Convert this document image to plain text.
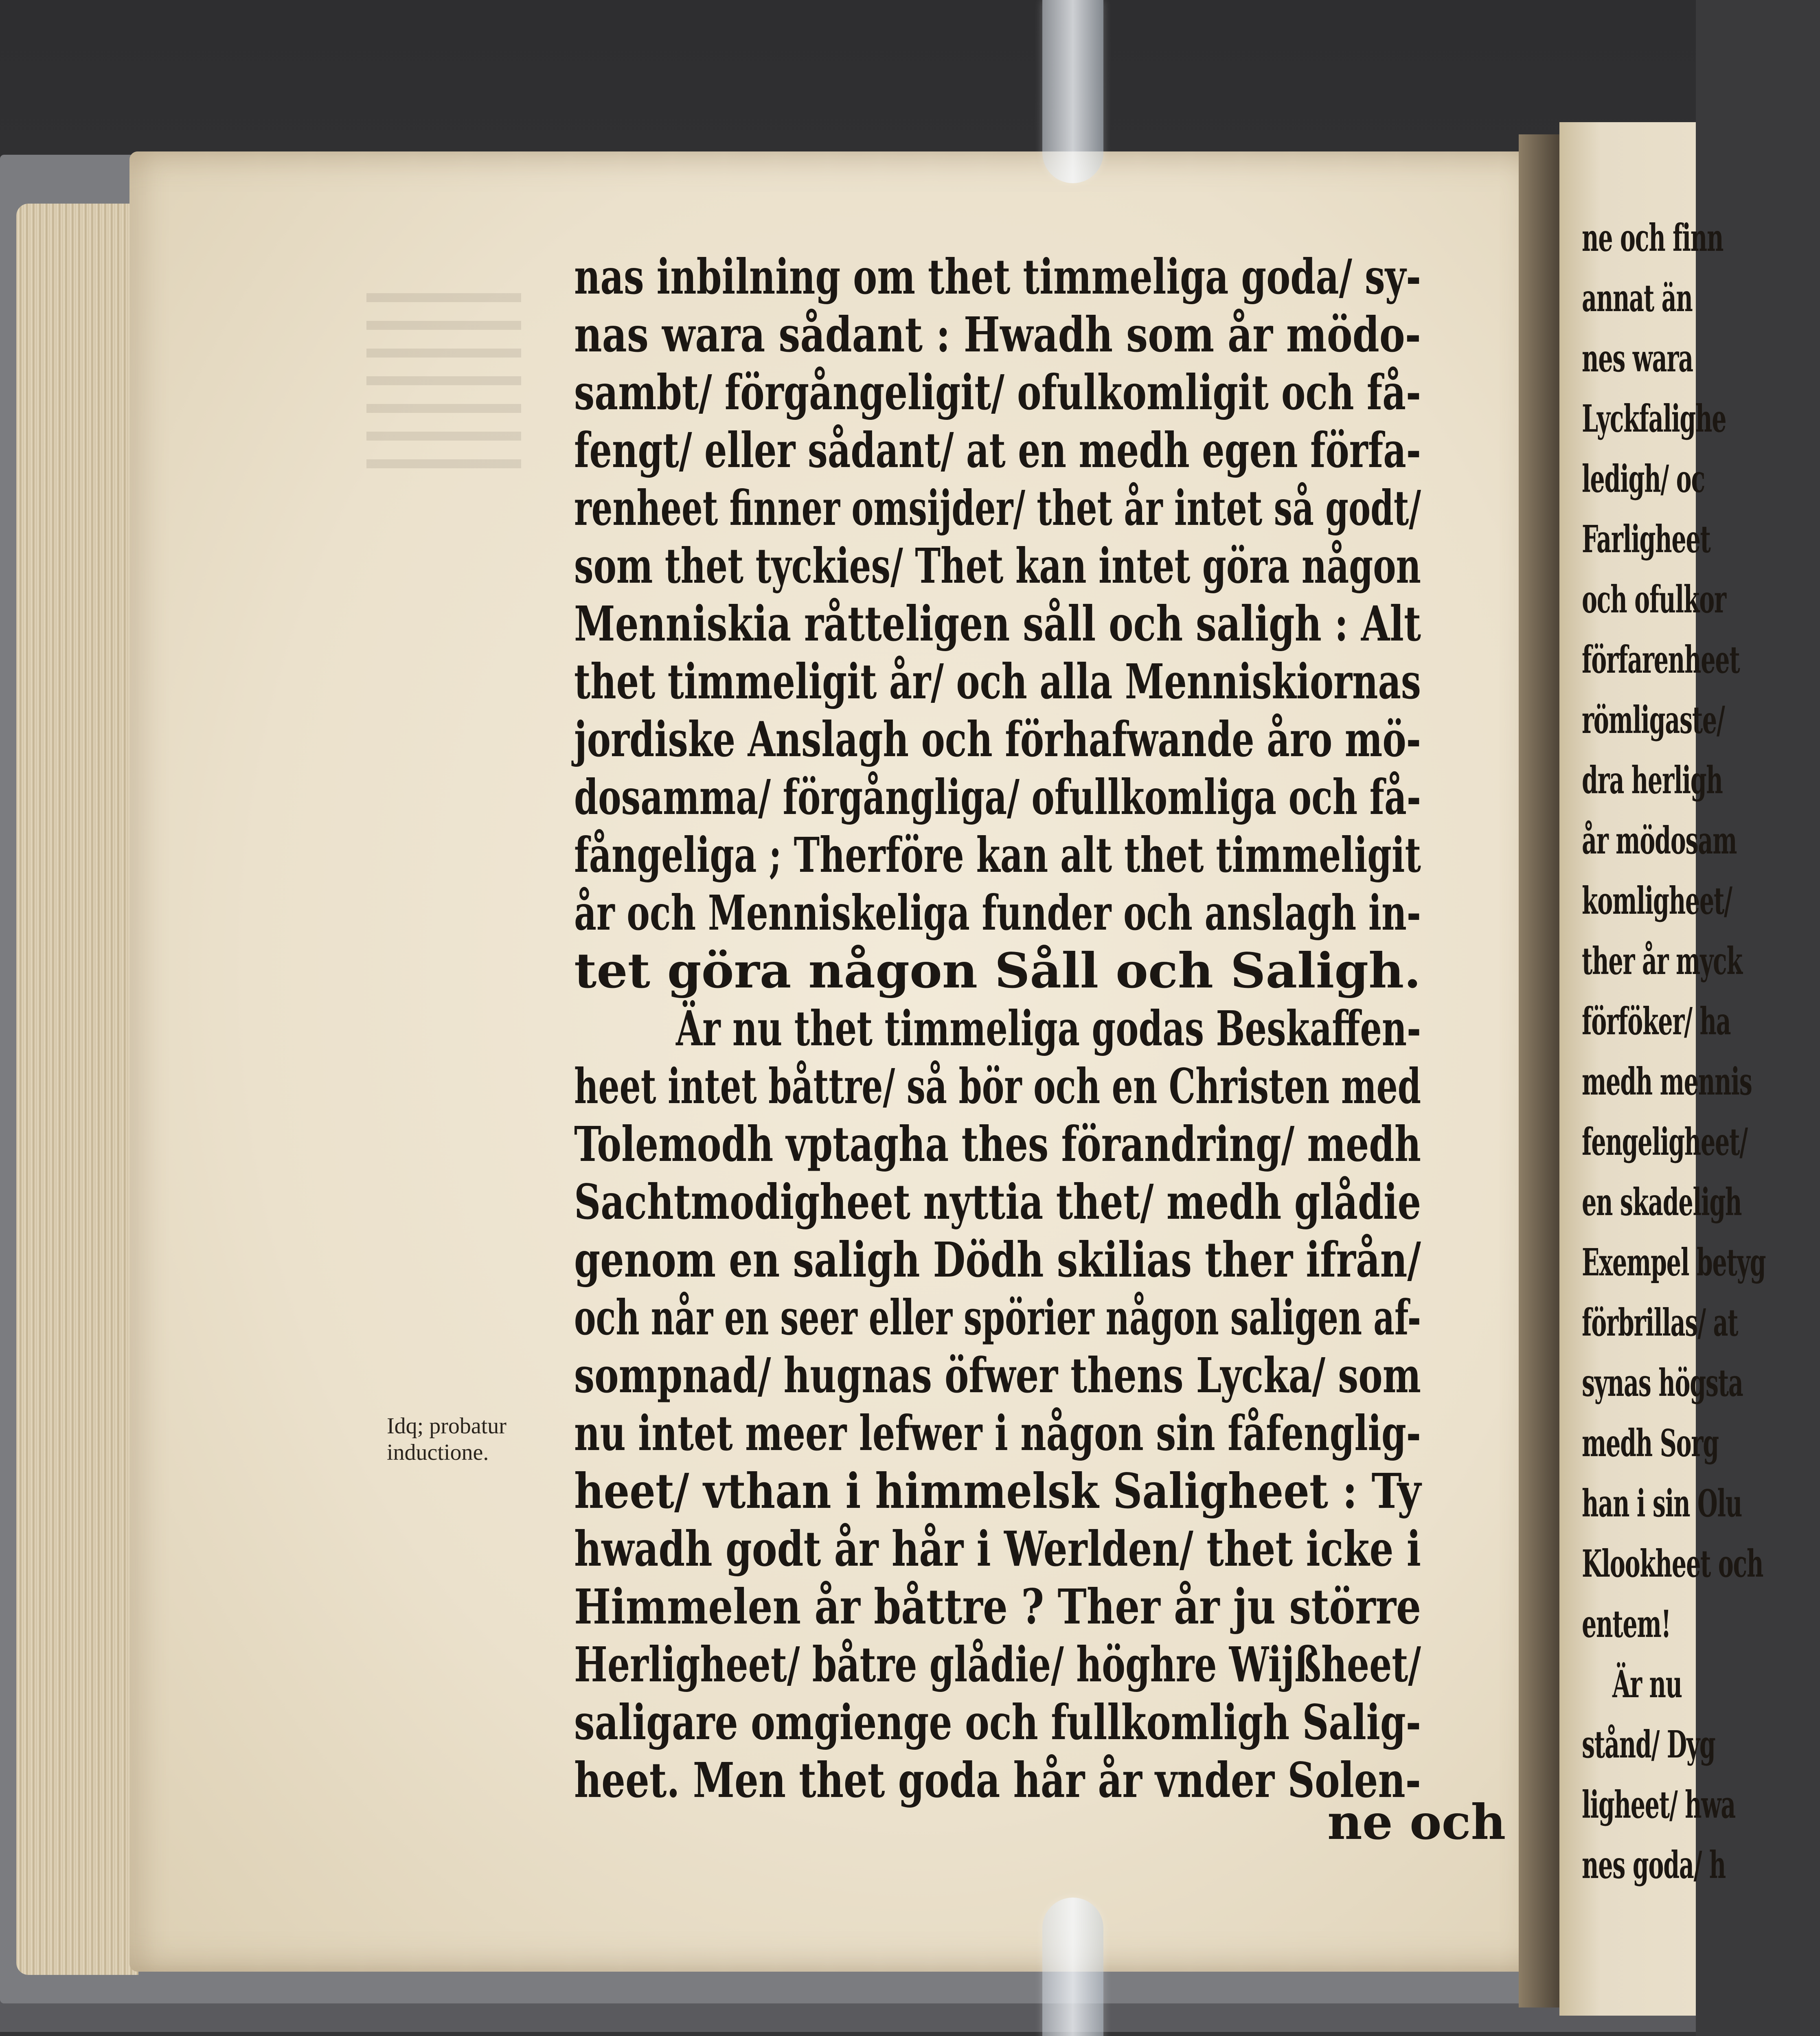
ne och finn
annat än
nes wara
Lyckfalighe
ledigh/ oc
Farligheet
och ofulkor
förfarenheet
römligaste/
dra herligh
år mödosam
komligheet/
ther år myck
förföker/ ha
medh mennis
fengeligheet/
en skadeligh
Exempel betyg
förbrillas/ at
synas högsta
medh Sorg
han i sin Olu
Klookheet och
entem!
Är nu
stånd/ Dyg
ligheet/ hwa
nes goda/ h
nas inbilning om thet timmeliga goda/ sy-
nas wara sådant : Hwadh som år mödo-
sambt/ förgångeligit/ ofulkomligit och få-
fengt/ eller sådant/ at en medh egen förfa-
renheet finner omsijder/ thet år intet så godt/
som thet tyckies/ Thet kan intet göra någon
Menniskia råtteligen såll och saligh : Alt
thet timmeligit år/ och alla Menniskiornas
jordiske Anslagh och förhafwande åro mö-
dosamma/ förgångliga/ ofullkomliga och få-
fångeliga ; Therföre kan alt thet timmeligit
år och Menniskeliga funder och anslagh in-
tet göra någon Såll och Saligh.
Är nu thet timmeliga godas Beskaffen-
heet intet båttre/ så bör och en Christen med
Tolemodh vptagha thes förandring/ medh
Sachtmodigheet nyttia thet/ medh glådie
genom en saligh Dödh skilias ther ifrån/
och når en seer eller spörier någon saligen af-
sompnad/ hugnas öfwer thens Lycka/ som
nu intet meer lefwer i någon sin fåfenglig-
heet/ vthan i himmelsk Saligheet : Ty
hwadh godt år hår i Werlden/ thet icke i
Himmelen år båttre ? Ther år ju större
Herligheet/ båtre glådie/ höghre Wijßheet/
saligare omgienge och fullkomligh Salig-
heet. Men thet goda hår år vnder Solen-
Idq; probatur
inductione.
ne och
